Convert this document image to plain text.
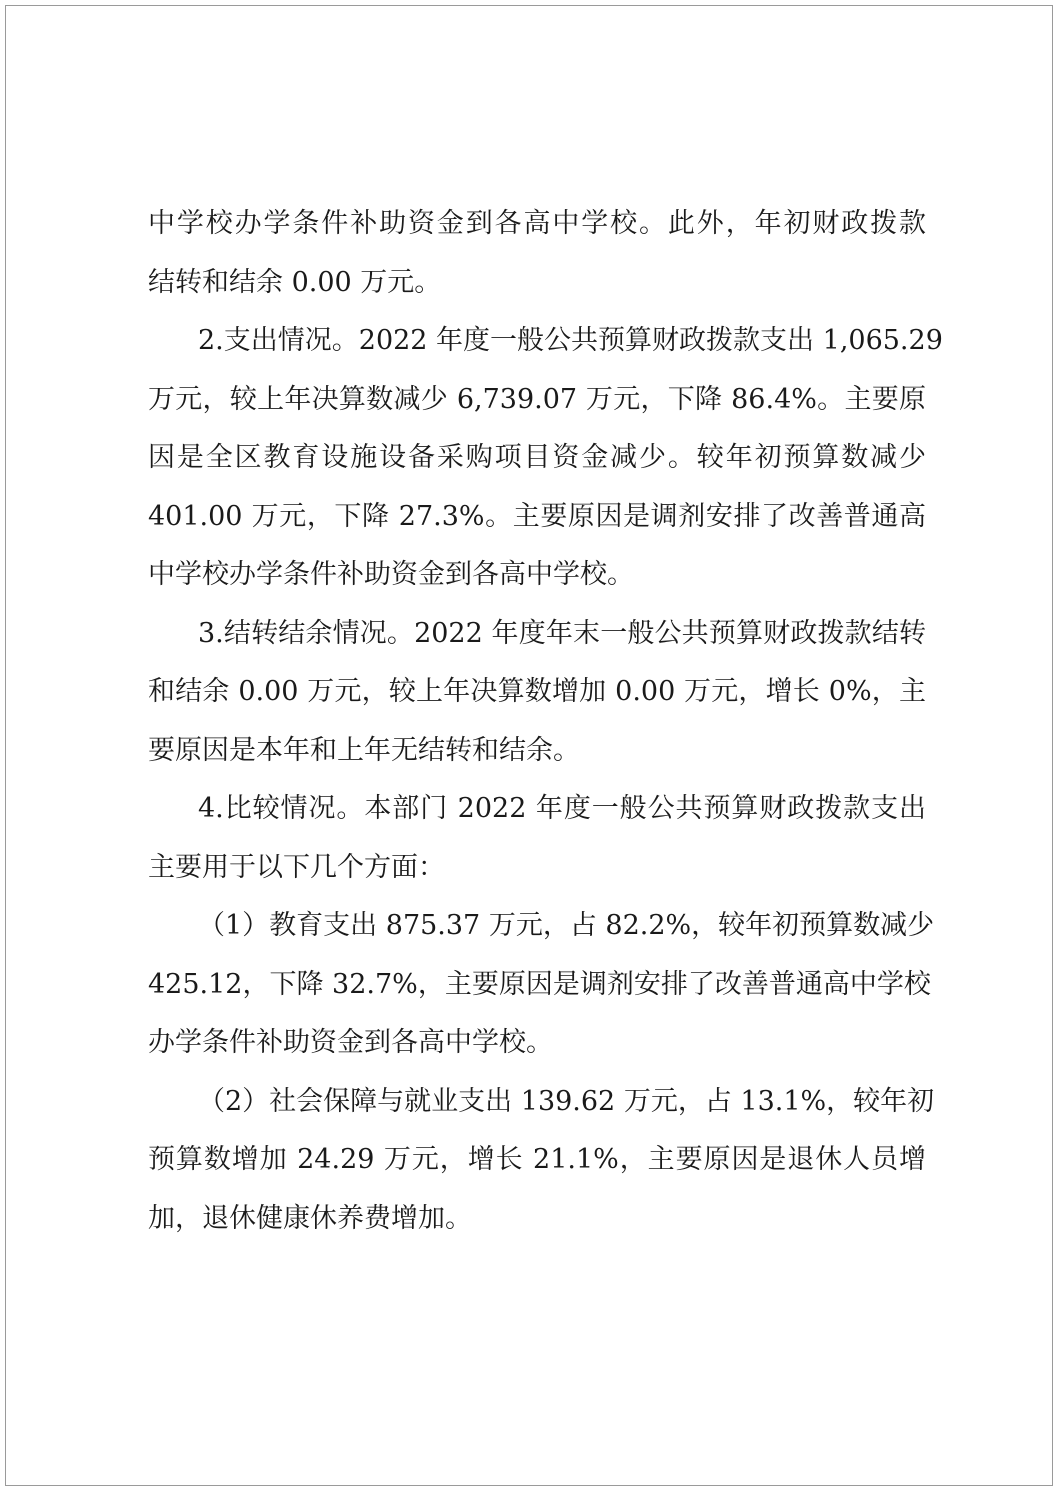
中学校办学条件补助资金到各高中学校。此外，年初财政拨款
结转和结余 0.00 万元。
2.支出情况。2022 年度一般公共预算财政拨款支出 1,065.29
万元，较上年决算数减少 6,739.07 万元，下降 86.4%。主要原
因是全区教育设施设备采购项目资金减少。较年初预算数减少
401.00 万元，下降 27.3%。主要原因是调剂安排了改善普通高
中学校办学条件补助资金到各高中学校。
3.结转结余情况。2022 年度年末一般公共预算财政拨款结转
和结余 0.00 万元，较上年决算数增加 0.00 万元，增长 0%，主
要原因是本年和上年无结转和结余。
4.比较情况。本部门 2022 年度一般公共预算财政拨款支出
主要用于以下几个方面：
（1）教育支出 875.37 万元，占 82.2%，较年初预算数减少
425.12，下降 32.7%，主要原因是调剂安排了改善普通高中学校
办学条件补助资金到各高中学校。
（2）社会保障与就业支出 139.62 万元，占 13.1%，较年初
预算数增加 24.29 万元，增长 21.1%，主要原因是退休人员增
加，退休健康休养费增加。
